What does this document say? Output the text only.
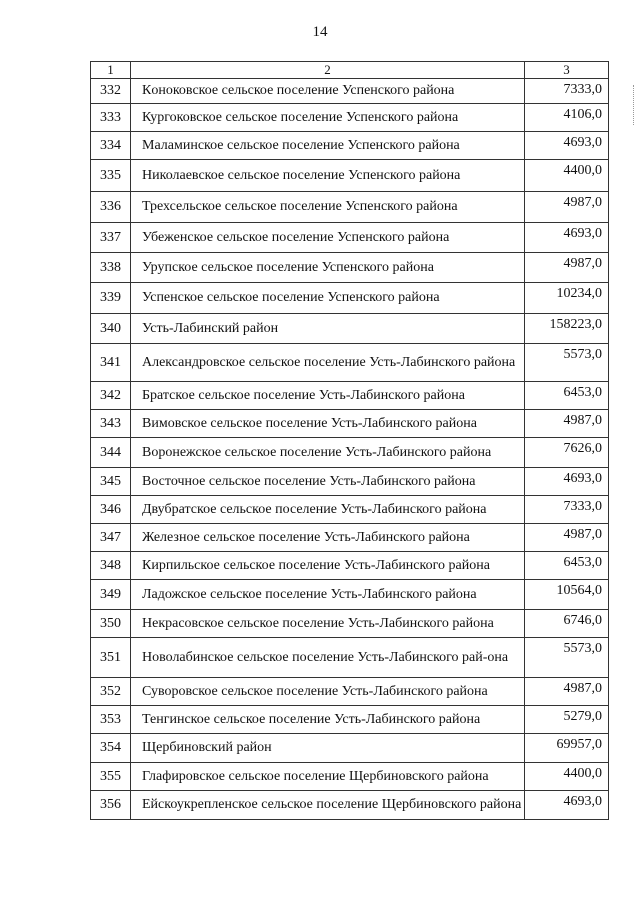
14
1	2	3
332	Кoноковское сельское поселение Успенского района	7333,0
333	Кургоковское сельское поселение Успенского района	4106,0
334	Маламинское сельское поселение Успенского района	4693,0
335	Николаевское сельское поселение Успенского района	4400,0
336	Трехсельское сельское поселение Успенского района	4987,0
337	Убеженское сельское поселение Успенского района	4693,0
338	Урупское сельское поселение Успенского района	4987,0
339	Успенское сельское поселение Успенского района	10234,0
340	Усть-Лабинский район	158223,0
341	Александровское сельское поселение Усть-Лабинского района	5573,0
342	Братское сельское поселение Усть-Лабинского района	6453,0
343	Вимовское сельское поселение Усть-Лабинского района	4987,0
344	Воронежское сельское поселение Усть-Лабинского района	7626,0
345	Восточное сельское поселение Усть-Лабинского района	4693,0
346	Двубратское сельское поселение Усть-Лабинского района	7333,0
347	Железное сельское поселение Усть-Лабинского района	4987,0
348	Кирпильское сельское поселение Усть-Лабинского района	6453,0
349	Ладожское сельское поселение Усть-Лабинского района	10564,0
350	Некрасовское сельское поселение Усть-Лабинского района	6746,0
351	Новолабинское сельское поселение Усть-Лабинского рай-она	5573,0
352	Суворовское сельское поселение Усть-Лабинского района	4987,0
353	Тенгинское сельское поселение Усть-Лабинского района	5279,0
354	Щербиновский район	69957,0
355	Глафировское сельское поселение Щербиновского района	4400,0
356	Ейскоукрепленское сельское поселение Щербиновского района	4693,0
